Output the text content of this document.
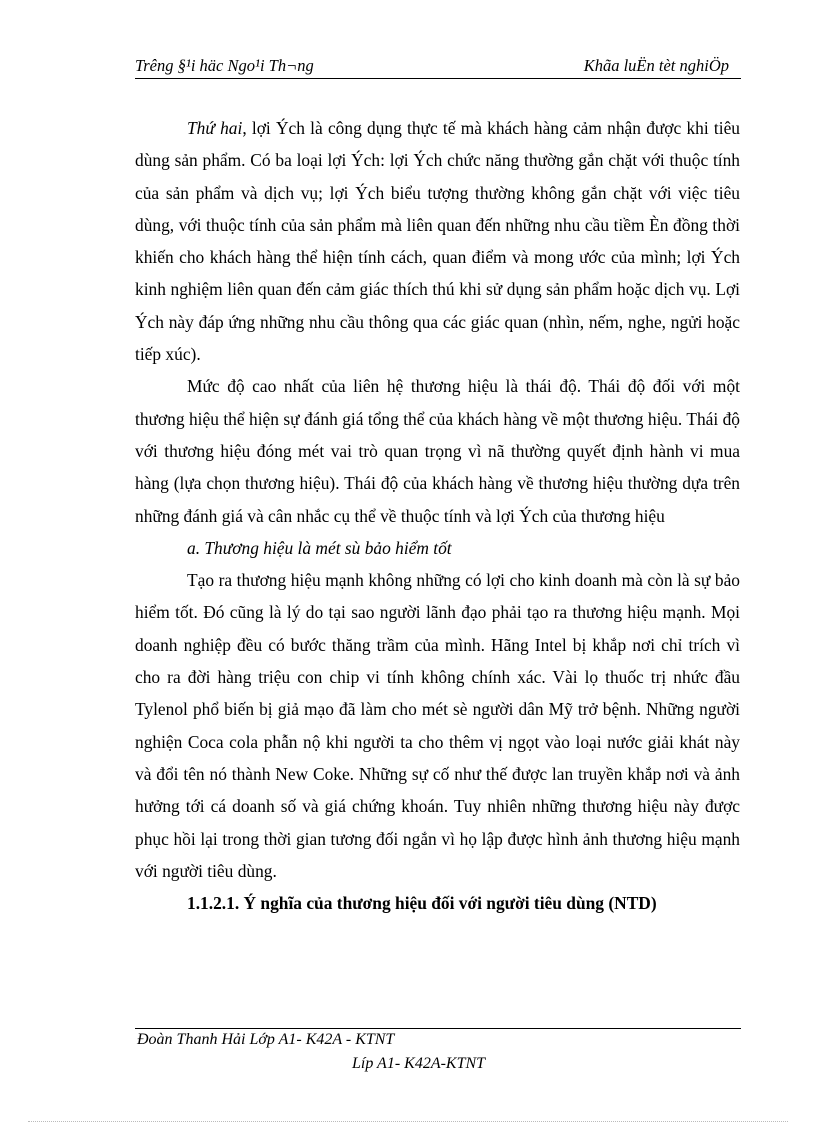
Trêng §¹i häc Ngo¹i Th¬ng	Khãa luËn tèt nghiÖp

Thứ hai, lợi Ých là công dụng thực tế mà khách hàng cảm nhận được khi tiêu dùng sản phẩm. Có ba loại lợi Ých: lợi Ých chức năng thường gắn chặt với thuộc tính của sản phẩm và dịch vụ; lợi Ých biểu tượng thường không gắn chặt với việc tiêu dùng, với thuộc tính của sản phẩm mà liên quan đến những nhu cầu tiềm Èn đồng thời khiến cho khách hàng thể hiện tính cách, quan điểm và mong ước của mình; lợi Ých kinh nghiệm liên quan đến cảm giác thích thú khi sử dụng sản phẩm hoặc dịch vụ. Lợi Ých này đáp ứng những nhu cầu thông qua các giác quan (nhìn, nếm, nghe, ngửi hoặc tiếp xúc).

Mức độ cao nhất của liên hệ thương hiệu là thái độ. Thái độ đối với một thương hiệu thể hiện sự đánh giá tổng thể của khách hàng về một thương hiệu. Thái độ với thương hiệu đóng mét vai trò quan trọng vì nã thường quyết định hành vi mua hàng (lựa chọn thương hiệu). Thái độ của khách hàng về thương hiệu thường dựa trên những đánh giá và cân nhắc cụ thể về thuộc tính và lợi Ých của thương hiệu

a. Thương hiệu là mét sù bảo hiểm tốt

Tạo ra thương hiệu mạnh không những có lợi cho kinh doanh mà còn là sự bảo hiểm tốt. Đó cũng là lý do tại sao người lãnh đạo phải tạo ra thương hiệu mạnh. Mọi doanh nghiệp đều có bước thăng trầm của mình. Hãng Intel bị khắp nơi chỉ trích vì cho ra đời hàng triệu con chip vi tính không chính xác. Vài lọ thuốc trị nhức đầu Tylenol phổ biến bị giả mạo đã làm cho mét sè người dân Mỹ trở bệnh. Những người nghiện Coca cola phẫn nộ khi người ta cho thêm vị ngọt vào loại nước giải khát này và đổi tên nó thành New Coke. Những sự cố như thế được lan truyền khắp nơi và ảnh hưởng tới cá doanh số và giá chứng khoán. Tuy nhiên những thương hiệu này được phục hồi lại trong thời gian tương đối ngắn vì họ lập được hình ảnh thương hiệu mạnh với người tiêu dùng.

1.1.2.1. Ý nghĩa của thương hiệu đối với người tiêu dùng (NTD)

Đoàn Thanh Hải Lớp A1- K42A - KTNT
Líp A1- K42A-KTNT
